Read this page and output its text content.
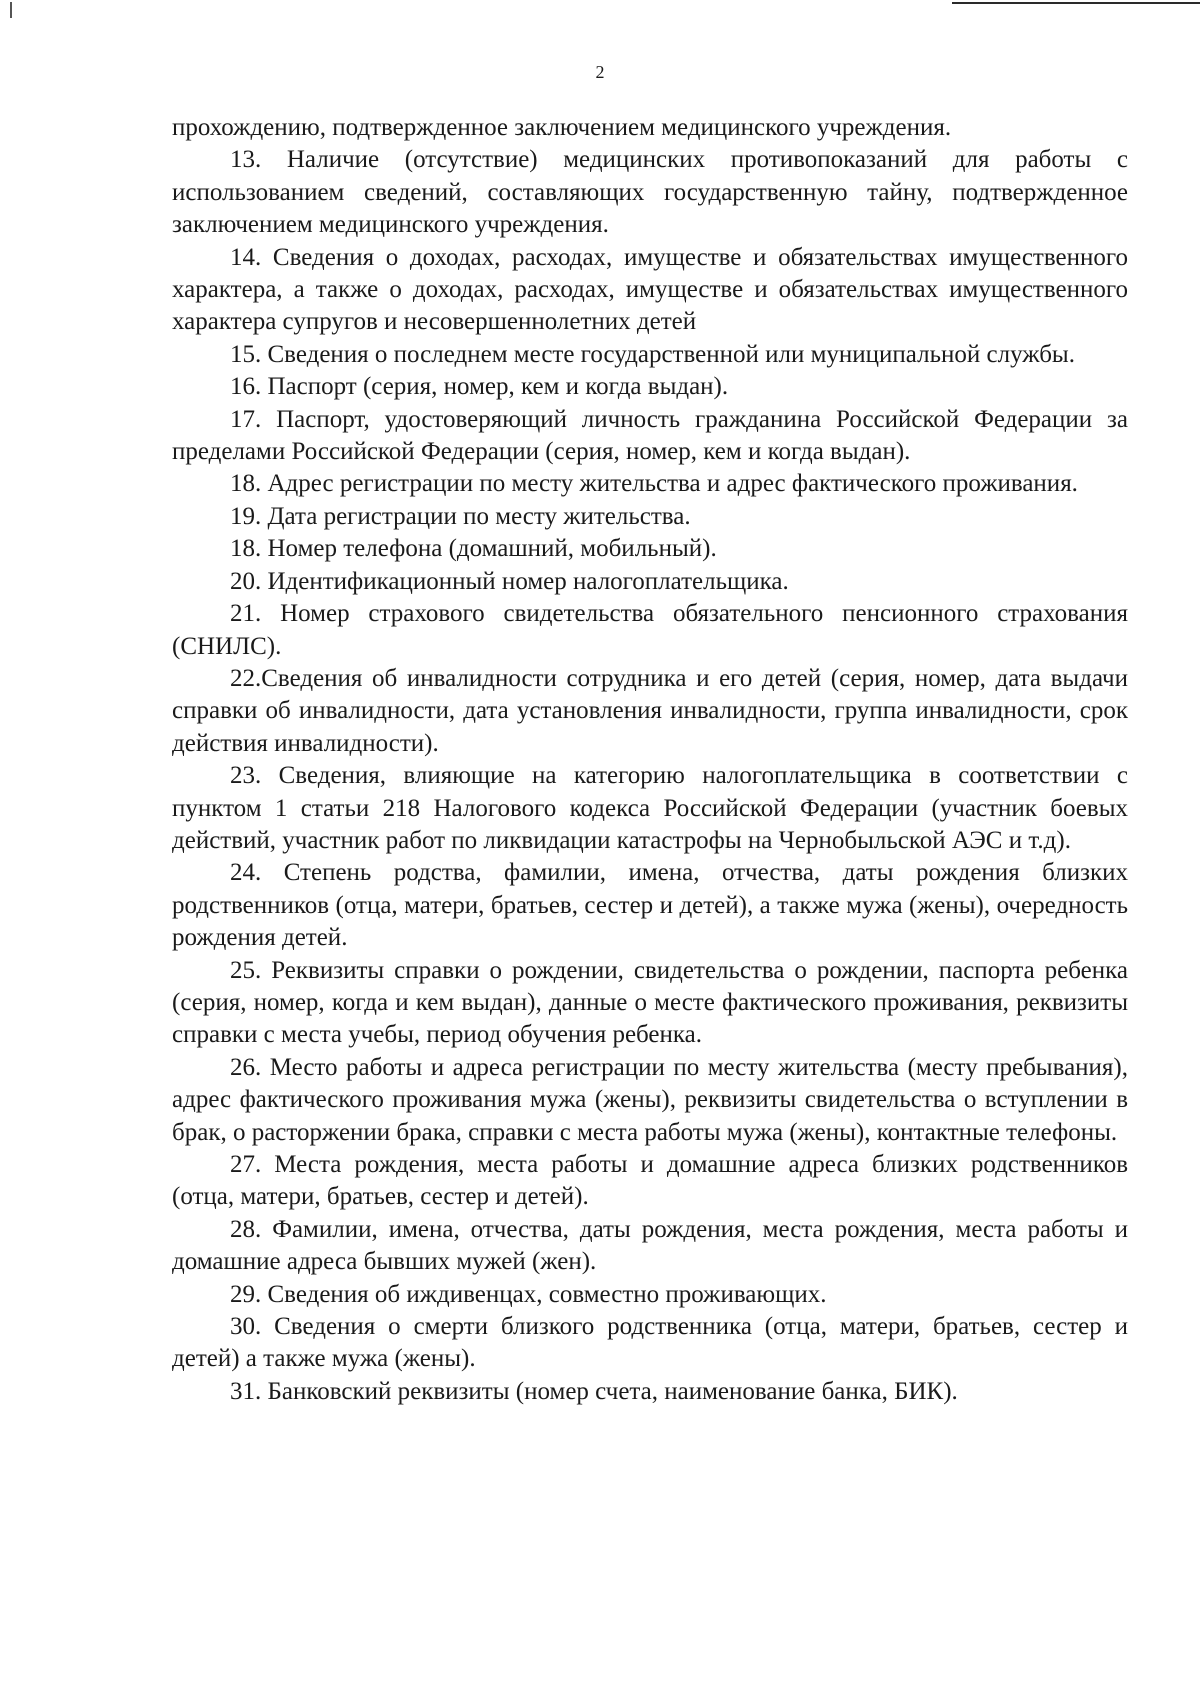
2

прохождению, подтвержденное заключением медицинского учреждения.

13. Наличие (отсутствие) медицинских противопоказаний для работы с использованием сведений, составляющих государственную тайну, подтвержденное заключением медицинского учреждения.

14. Сведения о доходах, расходах, имуществе и обязательствах имущественного характера, а также о доходах, расходах, имуществе и обязательствах имущественного характера супругов и несовершеннолетних детей

15. Сведения о последнем месте государственной или муниципальной службы.

16. Паспорт (серия, номер, кем и когда выдан).

17. Паспорт, удостоверяющий личность гражданина Российской Федерации за пределами Российской Федерации (серия, номер, кем и когда выдан).

18. Адрес регистрации по месту жительства и адрес фактического проживания.

19. Дата регистрации по месту жительства.

18. Номер телефона (домашний, мобильный).

20. Идентификационный номер налогоплательщика.

21. Номер страхового свидетельства обязательного пенсионного страхования (СНИЛС).

22.Сведения об инвалидности сотрудника и его детей (серия, номер, дата выдачи справки об инвалидности, дата установления инвалидности, группа инвалидности, срок действия инвалидности).

23. Сведения, влияющие на категорию налогоплательщика в соответствии с пунктом 1 статьи 218 Налогового кодекса Российской Федерации (участник боевых действий, участник работ по ликвидации катастрофы на Чернобыльской АЭС и т.д).

24. Степень родства, фамилии, имена, отчества, даты рождения близких родственников (отца, матери, братьев, сестер и детей), а также мужа (жены), очередность рождения детей.

25. Реквизиты справки о рождении, свидетельства о рождении, паспорта ребенка (серия, номер, когда и кем выдан), данные о месте фактического проживания, реквизиты справки с места учебы, период обучения ребенка.

26. Место работы и адреса регистрации по месту жительства (месту пребывания), адрес фактического проживания мужа (жены), реквизиты свидетельства о вступлении в брак, о расторжении брака, справки с места работы мужа (жены), контактные телефоны.

27. Места рождения, места работы и домашние адреса близких родственников (отца, матери, братьев, сестер и детей).

28. Фамилии, имена, отчества, даты рождения, места рождения, места работы и домашние адреса бывших мужей (жен).

29. Сведения об иждивенцах, совместно проживающих.

30. Сведения о смерти близкого родственника (отца, матери, братьев, сестер и детей) а также мужа (жены).

31. Банковский реквизиты (номер счета, наименование банка, БИК).
